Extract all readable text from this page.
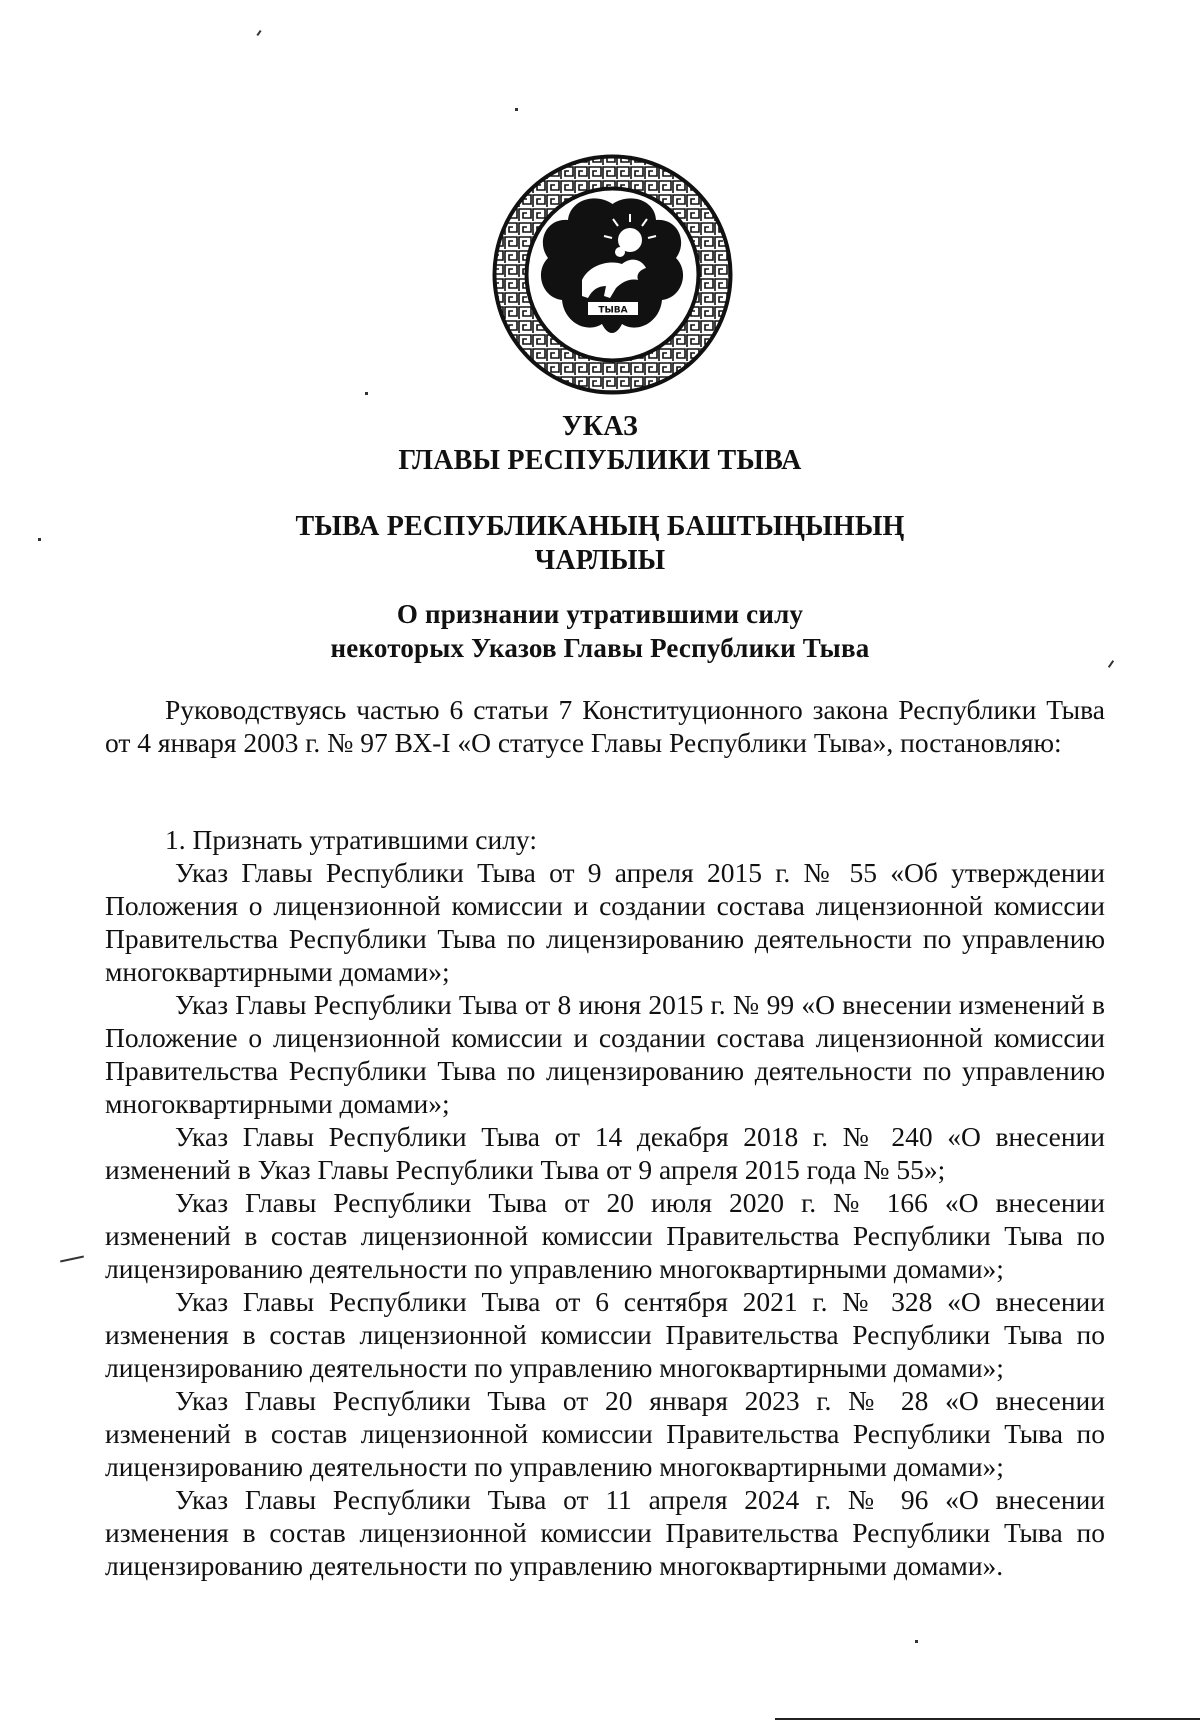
ТЫВА
УКАЗ
ГЛАВЫ РЕСПУБЛИКИ ТЫВА
ТЫВА РЕСПУБЛИКАНЫҢ БАШТЫҢЫНЫҢ
ЧАРЛЫЫ
О признании утратившими силу
некоторых Указов Главы Республики Тыва

Руководствуясь частью 6 статьи 7 Конституционного закона Республики Тыва от 4 января 2003 г. № 97 ВХ-I «О статусе Главы Республики Тыва», постановляю:

1. Признать утратившими силу:

Указ Главы Республики Тыва от 9 апреля 2015 г. № 55 «Об утверждении Положения о лицензионной комиссии и создании состава лицензионной комиссии Правительства Республики Тыва по лицензированию деятельности по управлению многоквартирными домами»;

Указ Главы Республики Тыва от 8 июня 2015 г. № 99 «О внесении изменений в Положение о лицензионной комиссии и создании состава лицензионной комиссии Правительства Республики Тыва по лицензированию деятельности по управлению многоквартирными домами»;

Указ Главы Республики Тыва от 14 декабря 2018 г. № 240 «О внесении изменений в Указ Главы Республики Тыва от 9 апреля 2015 года № 55»;

Указ Главы Республики Тыва от 20 июля 2020 г. № 166 «О внесении изменений в состав лицензионной комиссии Правительства Республики Тыва по лицензированию деятельности по управлению многоквартирными домами»;

Указ Главы Республики Тыва от 6 сентября 2021 г. № 328 «О внесении изменения в состав лицензионной комиссии Правительства Республики Тыва по лицензированию деятельности по управлению многоквартирными домами»;

Указ Главы Республики Тыва от 20 января 2023 г. № 28 «О внесении изменений в состав лицензионной комиссии Правительства Республики Тыва по лицензированию деятельности по управлению многоквартирными домами»;

Указ Главы Республики Тыва от 11 апреля 2024 г. № 96 «О внесении изменения в состав лицензионной комиссии Правительства Республики Тыва по лицензированию деятельности по управлению многоквартирными домами».
